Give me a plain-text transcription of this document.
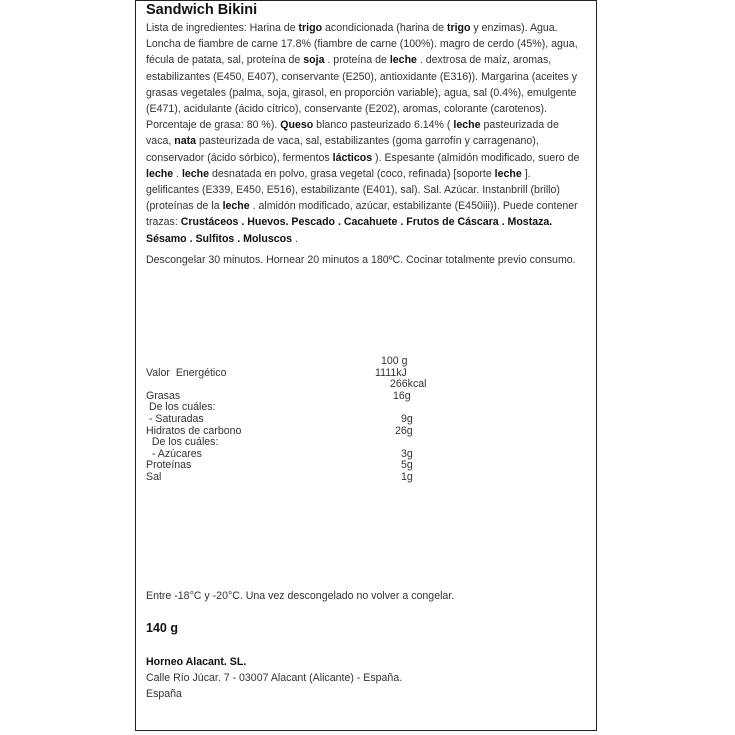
Sandwich Bikini
Lista de ingredientes: Harina de trigo acondicionada (harina de trigo y enzimas). Agua. Loncha de fiambre de carne 17.8% (fiambre de carne (100%). magro de cerdo (45%), agua, fécula de patata, sal, proteína de soja . proteína de leche . dextrosa de maíz, aromas, estabilizantes (E450, E407), conservante (E250), antioxidante (E316)). Margarina (aceites y grasas vegetales (palma, soja, girasol, en proporción variable), agua, sal (0.4%), emulgente (E471), acidulante (ácido cítrico), conservante (E202), aromas, colorante (carotenos). Porcentaje de grasa: 80 %). Queso blanco pasteurizado 6.14% ( leche pasteurizada de vaca, nata pasteurizada de vaca, sal, estabilizantes (goma garrofín y carragenano), conservador (ácido sórbico), fermentos lácticos ). Espesante (almidón modificado, suero de leche . leche desnatada en polvo, grasa vegetal (coco, refinada) [soporte leche ]. gelificantes (E339, E450, E516), estabilizante (E401), sal). Sal. Azúcar. Instanbrill (brillo) (proteínas de la leche . almidón modificado, azúcar, estabilizante (E450iii)). Puede contener trazas: Crustáceos . Huevos. Pescado . Cacahuete . Frutos de Cáscara . Mostaza. Sésamo . Sulfitos . Moluscos .
Descongelar 30 minutos. Hornear 20 minutos a 180ºC. Cocinar totalmente previo consumo.
100 g
Valor  Energético	1111kJ
266kcal
Grasas	16g
De los cuáles:
- Saturadas	9g
Hidratos de carbono	26g
De los cuáles:
- Azúcares	3g
Proteínas	5g
Sal	1g
Entre -18°C y -20°C. Una vez descongelado no volver a congelar.
140 g
Horneo Alacant. SL.
Calle Río Júcar. 7 - 03007 Alacant (Alicante) - España.
España
